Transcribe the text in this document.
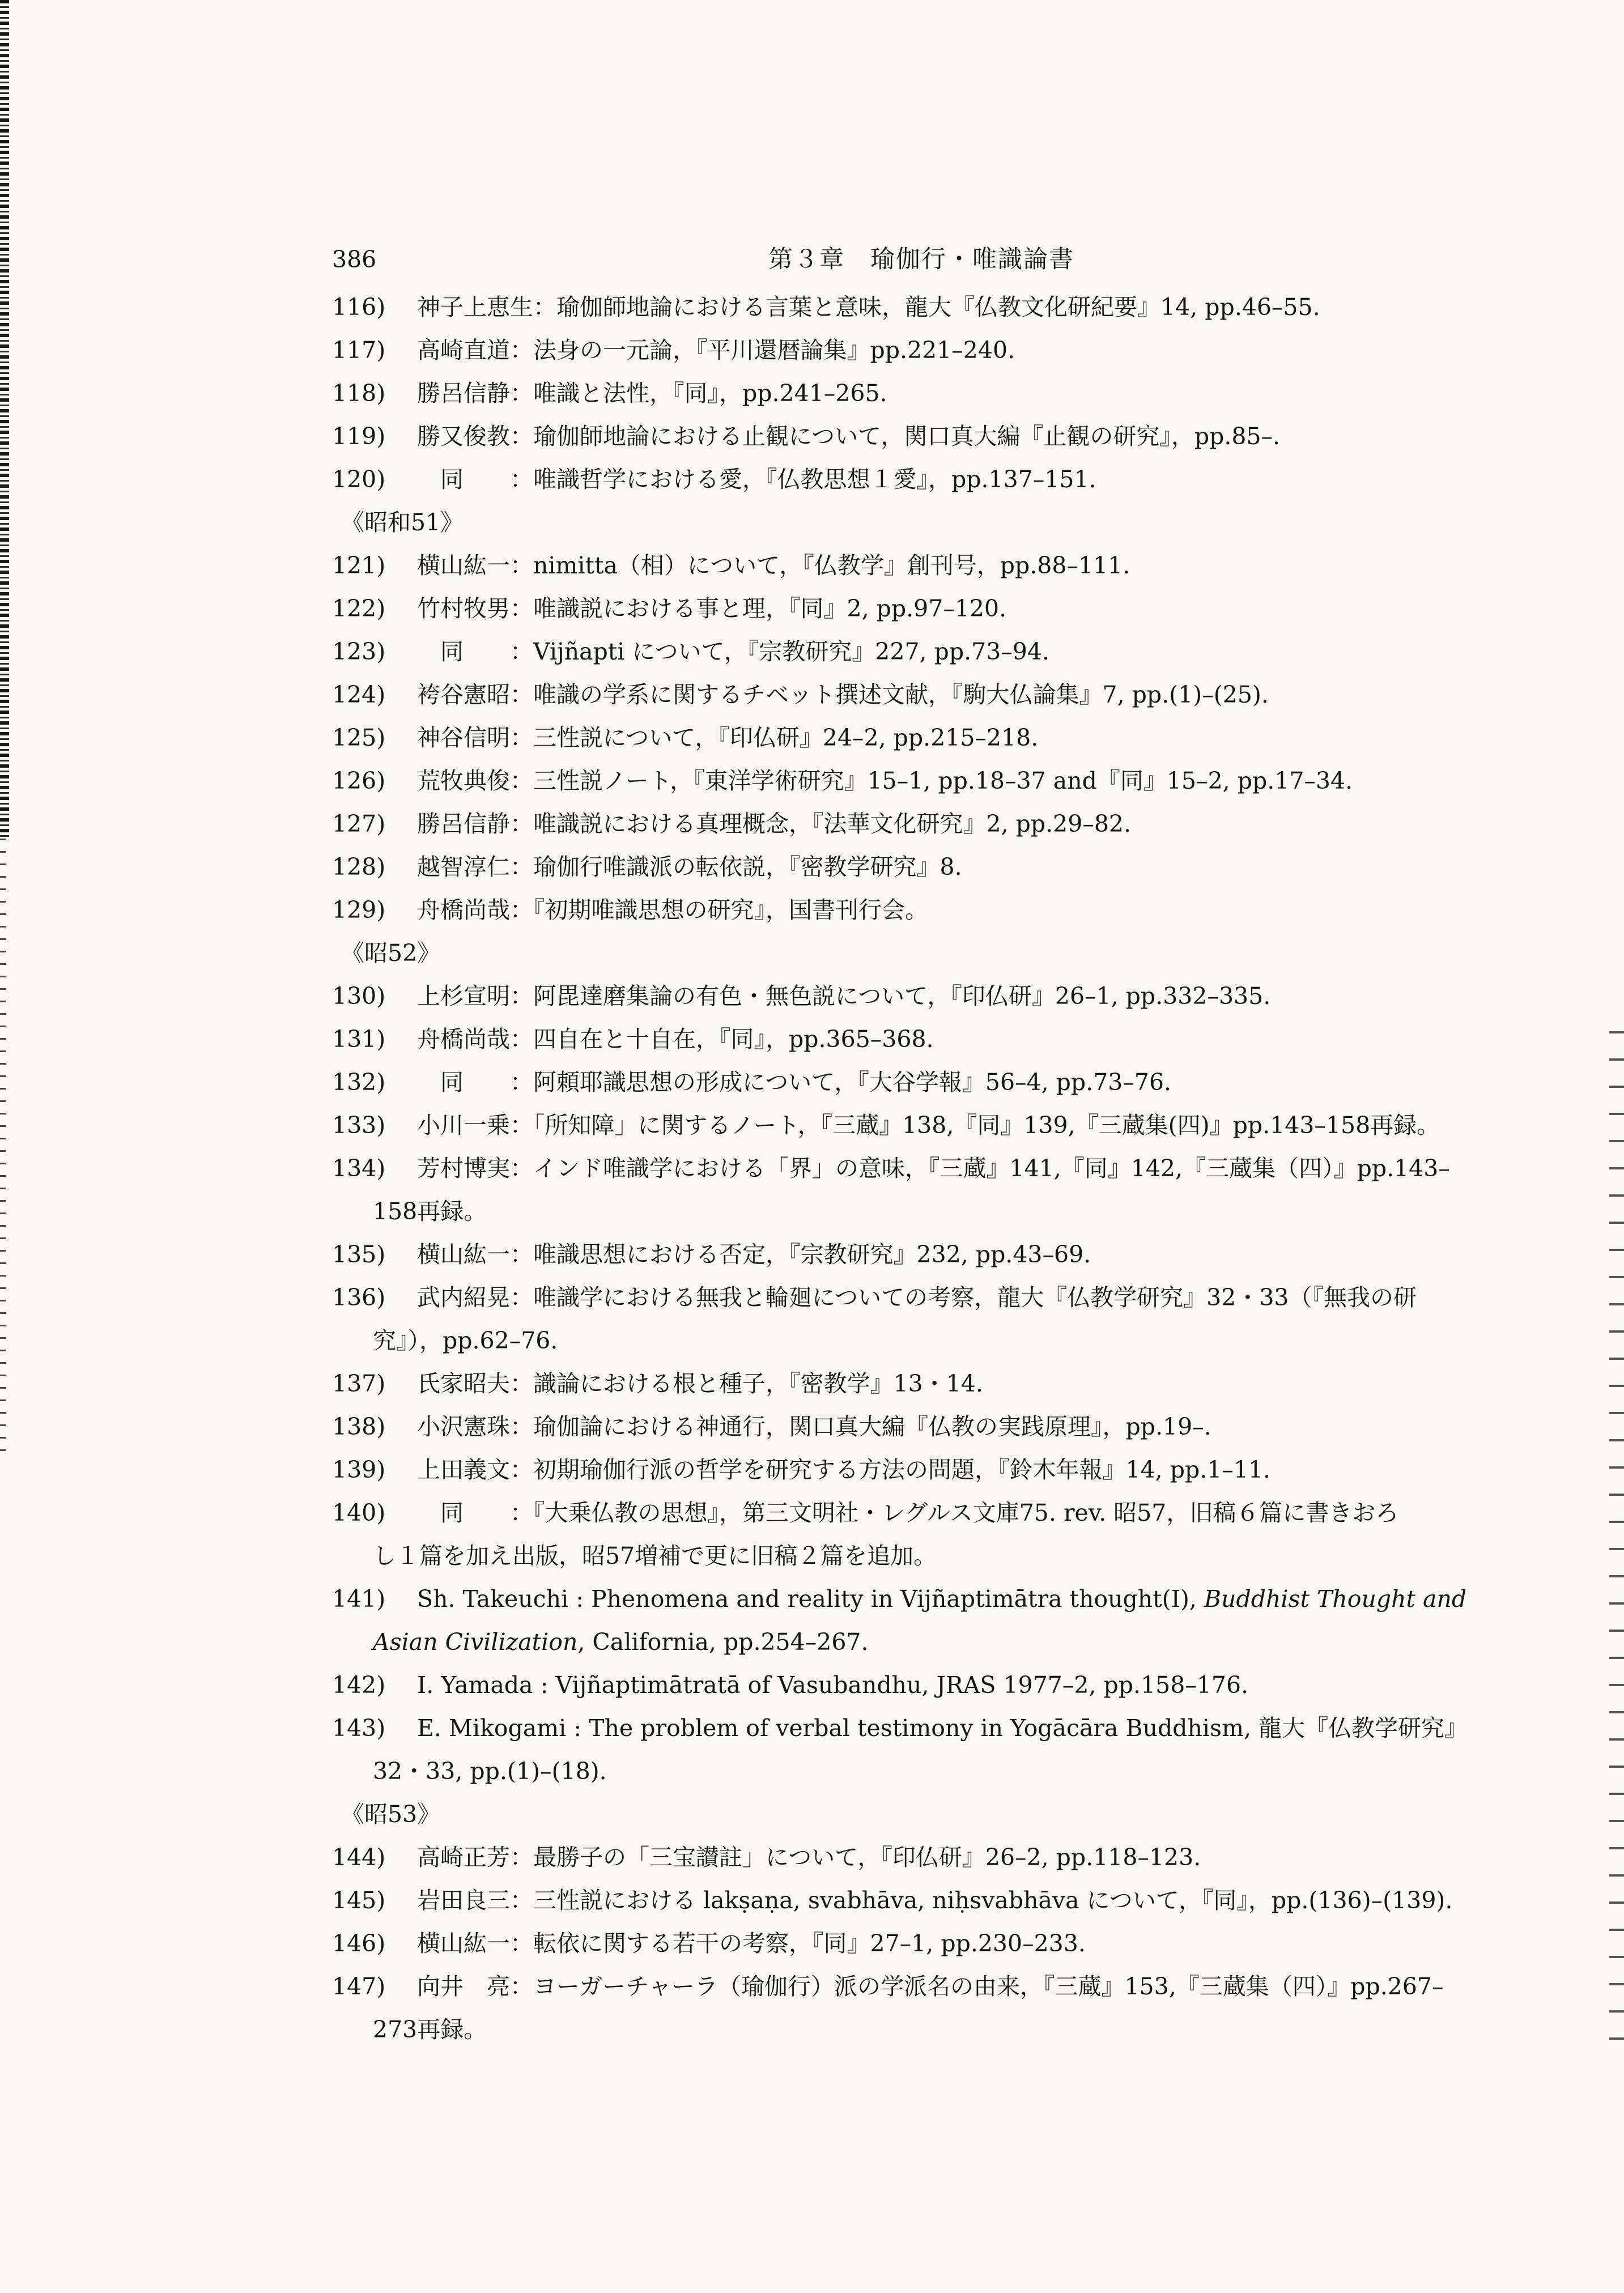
386	第３章　瑜伽行・唯識論書
116)	神子上恵生：瑜伽師地論における言葉と意味，龍大『仏教文化研紀要』14, pp.46–55.
117)	高崎直道：法身の一元論，『平川還暦論集』pp.221–240.
118)	勝呂信静：唯識と法性，『同』，pp.241–265.
119)	勝又俊教：瑜伽師地論における止観について，関口真大編『止観の研究』，pp.85–.
120)	　同　　：唯識哲学における愛，『仏教思想１愛』，pp.137–151.
《昭和51》
121)	横山紘一：nimitta（相）について，『仏教学』創刊号，pp.88–111.
122)	竹村牧男：唯識説における事と理，『同』2, pp.97–120.
123)	　同　　：Vijñapti について，『宗教研究』227, pp.73–94.
124)	袴谷憲昭：唯識の学系に関するチベット撰述文献，『駒大仏論集』7, pp.(1)–(25).
125)	神谷信明：三性説について，『印仏研』24–2, pp.215–218.
126)	荒牧典俊：三性説ノート，『東洋学術研究』15–1, pp.18–37 and『同』15–2, pp.17–34.
127)	勝呂信静：唯識説における真理概念，『法華文化研究』2, pp.29–82.
128)	越智淳仁：瑜伽行唯識派の転依説，『密教学研究』8.
129)	舟橋尚哉：『初期唯識思想の研究』，国書刊行会。
《昭52》
130)	上杉宣明：阿毘達磨集論の有色・無色説について，『印仏研』26–1, pp.332–335.
131)	舟橋尚哉：四自在と十自在，『同』，pp.365–368.
132)	　同　　：阿頼耶識思想の形成について，『大谷学報』56–4, pp.73–76.
133)	小川一乗：「所知障」に関するノート，『三蔵』138,『同』139,『三蔵集(四)』pp.143–158再録。
134)	芳村博実：インド唯識学における「界」の意味，『三蔵』141,『同』142,『三蔵集（四）』pp.143–
158再録。
135)	横山紘一：唯識思想における否定，『宗教研究』232, pp.43–69.
136)	武内紹晃：唯識学における無我と輪廻についての考察，龍大『仏教学研究』32・33（『無我の研
究』），pp.62–76.
137)	氏家昭夫：識論における根と種子，『密教学』13・14.
138)	小沢憲珠：瑜伽論における神通行，関口真大編『仏教の実践原理』，pp.19–.
139)	上田義文：初期瑜伽行派の哲学を研究する方法の問題，『鈴木年報』14, pp.1–11.
140)	　同　　：『大乗仏教の思想』，第三文明社・レグルス文庫75. rev. 昭57，旧稿６篇に書きおろ
し１篇を加え出版，昭57増補で更に旧稿２篇を追加。
141)	Sh. Takeuchi : Phenomena and reality in Vijñaptimātra thought(I), Buddhist Thought and
Asian Civilization, California, pp.254–267.
142)	I. Yamada : Vijñaptimātratā of Vasubandhu, JRAS 1977–2, pp.158–176.
143)	E. Mikogami : The problem of verbal testimony in Yogācāra Buddhism, 龍大『仏教学研究』
32・33, pp.(1)–(18).
《昭53》
144)	高崎正芳：最勝子の「三宝讃註」について，『印仏研』26–2, pp.118–123.
145)	岩田良三：三性説における lakṣaṇa, svabhāva, niḥsvabhāva について，『同』，pp.(136)–(139).
146)	横山紘一：転依に関する若干の考察，『同』27–1, pp.230–233.
147)	向井　亮：ヨーガーチャーラ（瑜伽行）派の学派名の由来，『三蔵』153,『三蔵集（四）』pp.267–
273再録。
